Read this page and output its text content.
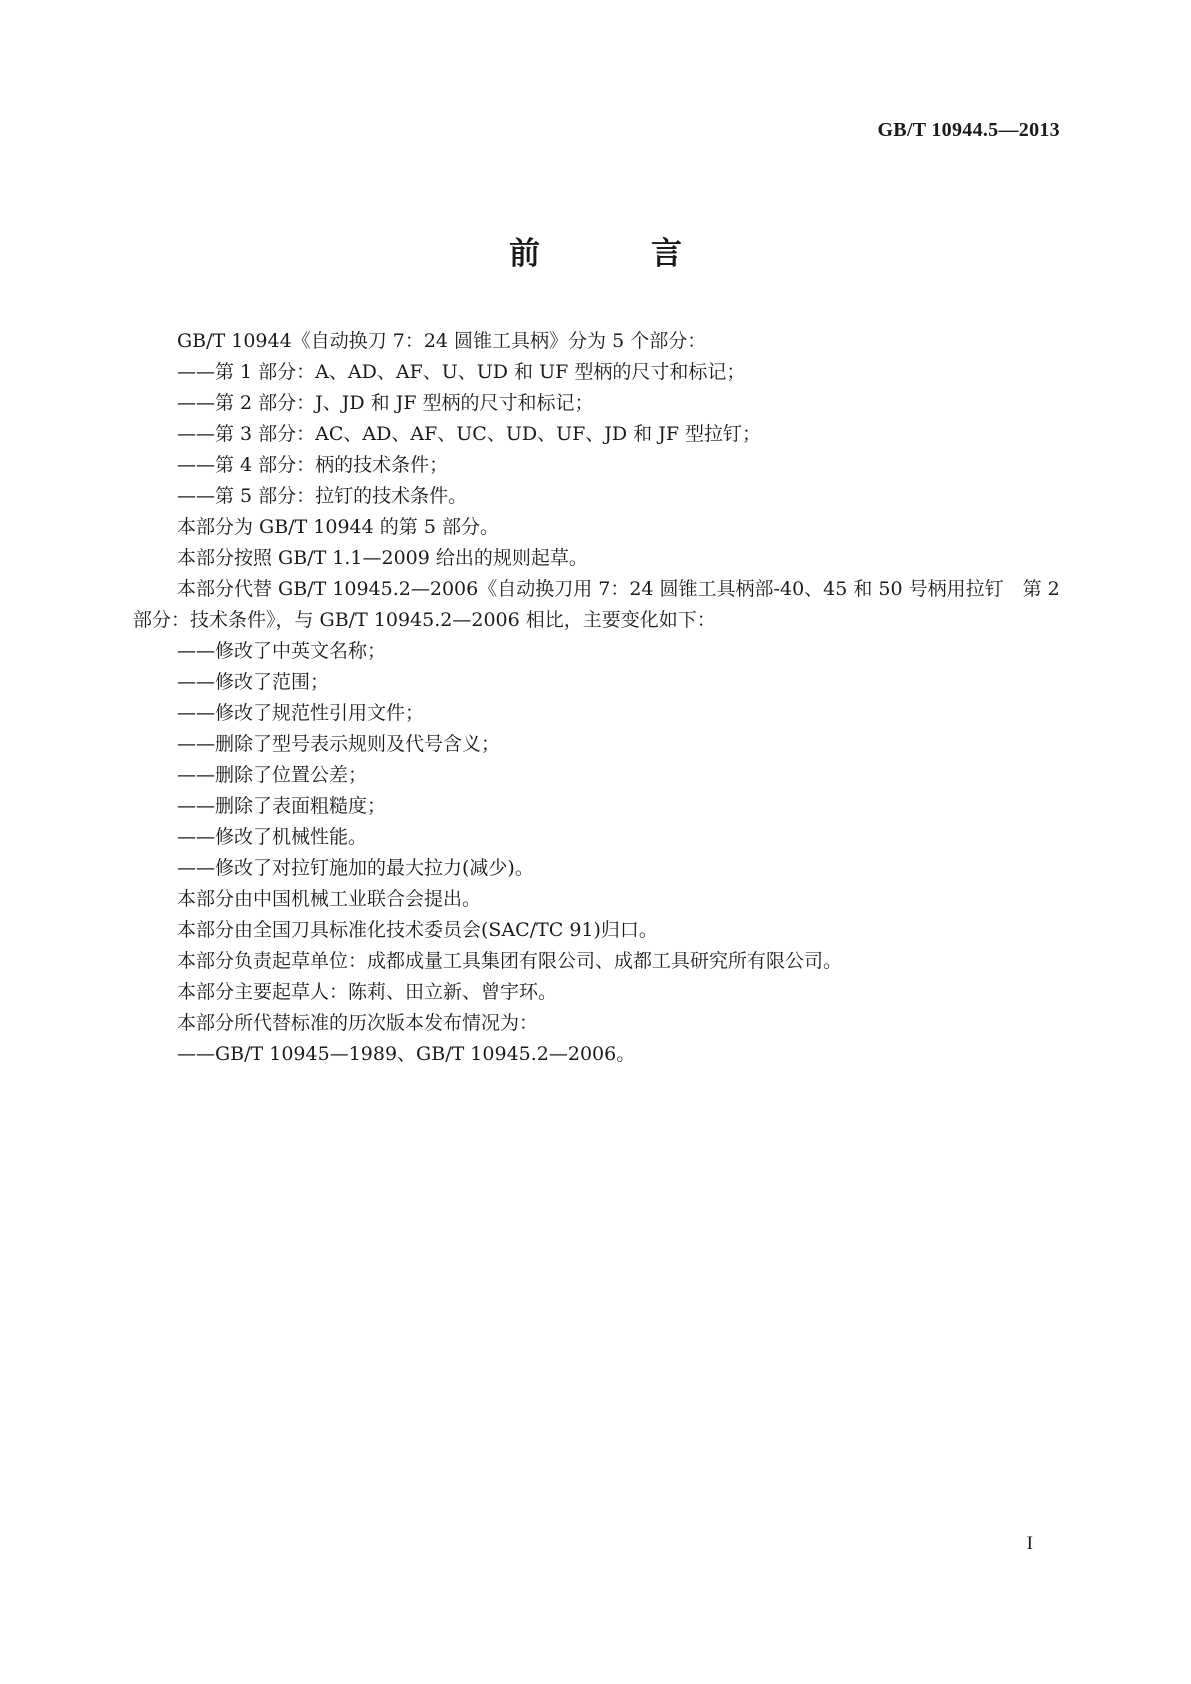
GB/T 10944.5—2013
前　言

GB/T 10944《自动换刀 7：24 圆锥工具柄》分为 5 个部分：

——第 1 部分：A、AD、AF、U、UD 和 UF 型柄的尺寸和标记；

——第 2 部分：J、JD 和 JF 型柄的尺寸和标记；

——第 3 部分：AC、AD、AF、UC、UD、UF、JD 和 JF 型拉钉；

——第 4 部分：柄的技术条件；

——第 5 部分：拉钉的技术条件。

本部分为 GB/T 10944 的第 5 部分。

本部分按照 GB/T 1.1—2009 给出的规则起草。

本部分代替 GB/T 10945.2—2006《自动换刀用 7：24 圆锥工具柄部-40、45 和 50 号柄用拉钉　第 2 部分：技术条件》，与 GB/T 10945.2—2006 相比，主要变化如下：

——修改了中英文名称；

——修改了范围；

——修改了规范性引用文件；

——删除了型号表示规则及代号含义；

——删除了位置公差；

——删除了表面粗糙度；

——修改了机械性能。

——修改了对拉钉施加的最大拉力(减少)。

本部分由中国机械工业联合会提出。

本部分由全国刀具标准化技术委员会(SAC/TC 91)归口。

本部分负责起草单位：成都成量工具集团有限公司、成都工具研究所有限公司。

本部分主要起草人：陈莉、田立新、曾宇环。

本部分所代替标准的历次版本发布情况为：

——GB/T 10945—1989、GB/T 10945.2—2006。

I
